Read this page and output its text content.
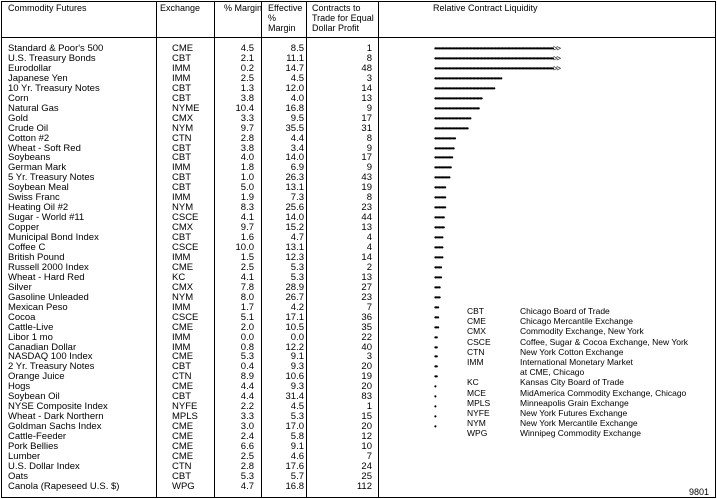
Commodity Futures	Exchange	% Margin Effective %
Margin
Contracts to
Trade for Equal
Dollar Profit
Relative Contract Liquidity
Standard & Poor's 500	CME	4.5	8.5	1	•••••••••••••••••••••••••••••••••••••••••••••••••••••••••••••••••••••••••••••••••••••>>
U.S. Treasury Bonds	CBT	2.1	11.1	8	•••••••••••••••••••••••••••••••••••••••••••••••••••••••••••••••••••••••••••••••••••••>>
Eurodollar	IMM	0.2	14.7	48	•••••••••••••••••••••••••••••••••••••••••••••••••••••••••••••••••••••••••••••••••••••>>
Japanese Yen	IMM	2.5	4.5	3	••••••••••••••••••••••••••••••••••••••••••••••••
10 Yr. Treasury Notes	CBT	1.3	12.0	14	•••••••••••••••••••••••••••••••••••••••••••
Corn	CBT	3.8	4.0	13	••••••••••••••••••••••••••••••••••
Natural Gas	NYME	10.4	16.8	9	••••••••••••••••••••••••••••••••
Gold	CMX	3.3	9.5	17	••••••••••••••••••••••••••
Crude Oil	NYM	9.7	35.5	31	••••••••••••••••••••••••
Cotton #2	CTN	2.8	4.4	8	•••••••••••••••
Wheat - Soft Red	CBT	3.8	3.4	9	••••••••••••••
Soybeans	CBT	4.0	14.0	17	•••••••••••••
German Mark	IMM	1.8	6.9	9	••••••••••••
5 Yr. Treasury Notes	CBT	1.0	26.3	43	•••••••••••
Soybean Meal	CBT	5.0	13.1	19	••••••••
Swiss Franc	IMM	1.9	7.3	8	••••••••
Heating Oil #2	NYM	8.3	25.6	23	••••••••
Sugar - World #11	CSCE	4.1	14.0	44	•••••••
Copper	CMX	9.7	15.2	13	•••••••
Municipal Bond Index	CBT	1.6	4.7	4	••••••
Coffee C	CSCE	10.0	13.1	4	••••••
British Pound	IMM	1.5	12.3	14	••••••
Russell 2000 Index	CME	2.5	5.3	2	•••••
Wheat - Hard Red	KC	4.1	5.3	13	•••••
Silver	CMX	7.8	28.9	27	••••
Gasoline Unleaded	NYM	8.0	26.7	23	••••
Mexican Peso	IMM	1.7	4.2	7	•••
Cocoa	CSCE	5.1	17.1	36	•••
Cattle-Live	CME	2.0	10.5	35	•••
Libor 1 mo	IMM	0.0	0.0	22	••
Canadian Dollar	IMM	0.8	12.2	40	••
NASDAQ 100 Index	CME	5.3	9.1	3	••
2 Yr. Treasury Notes	CBT	0.4	9.3	20	••
Orange Juice	CTN	8.9	10.6	19	••
Hogs	CME	4.4	9.3	20	•
Soybean Oil	CBT	4.4	31.4	83	•
NYSE Composite Index	NYFE	2.2	4.5	1	•
Wheat - Dark Northern	MPLS	3.3	5.3	15	•
Goldman Sachs Index	CME	3.0	17.0	20	•
Cattle-Feeder	CME	2.4	5.8	12
Pork Bellies	CME	6.6	9.1	10
Lumber	CME	2.5	4.6	7
U.S. Dollar Index	CTN	2.8	17.6	24
Oats	CBT	5.3	5.7	25
Canola (Rapeseed U.S. $)	WPG	4.7	16.8	112
CBT	Chicago Board of Trade
CME	Chicago Mercantile Exchange
CMX	Commodity Exchange, New York
CSCE	Coffee, Sugar & Cocoa Exchange, New York
CTN	New York Cotton Exchange
IMM	International Monetary Market
at CME, Chicago
KC	Kansas City Board of Trade
MCE	MidAmerica Commodity Exchange, Chicago
MPLS	Minneapolis Grain Exchange
NYFE	New York Futures Exchange
NYM	New York Mercantile Exchange
WPG	Winnipeg Commodity Exchange
9801
